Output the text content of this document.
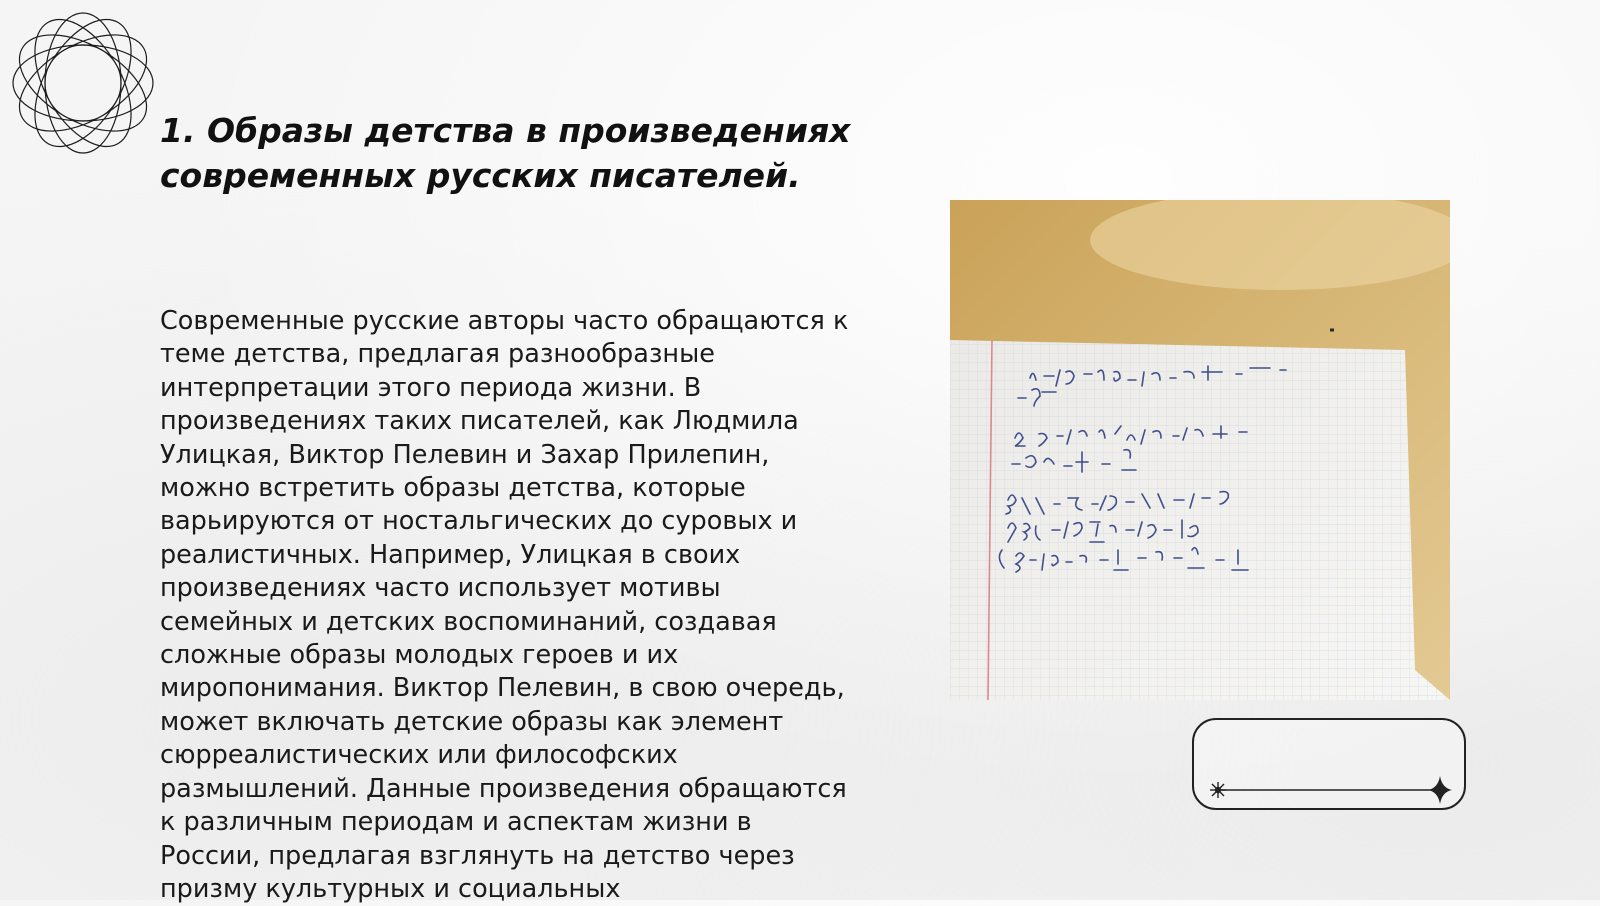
1. Образы детства в произведениях современных русских писателей.

Современные русские авторы часто обращаются к теме детства, предлагая разнообразные интерпретации этого периода жизни. В произведениях таких писателей, как Людмила Улицкая, Виктор Пелевин и Захар Прилепин, можно встретить образы детства, которые варьируются от ностальгических до суровых и реалистичных. Например, Улицкая в своих произведениях часто использует мотивы семейных и детских воспоминаний, создавая сложные образы молодых героев и их миропонимания. Виктор Пелевин, в свою очередь, может включать детские образы как элемент сюрреалистических или философских размышлений. Данные произведения обращаются к различным периодам и аспектам жизни в России, предлагая взглянуть на детство через призму культурных и социальных
